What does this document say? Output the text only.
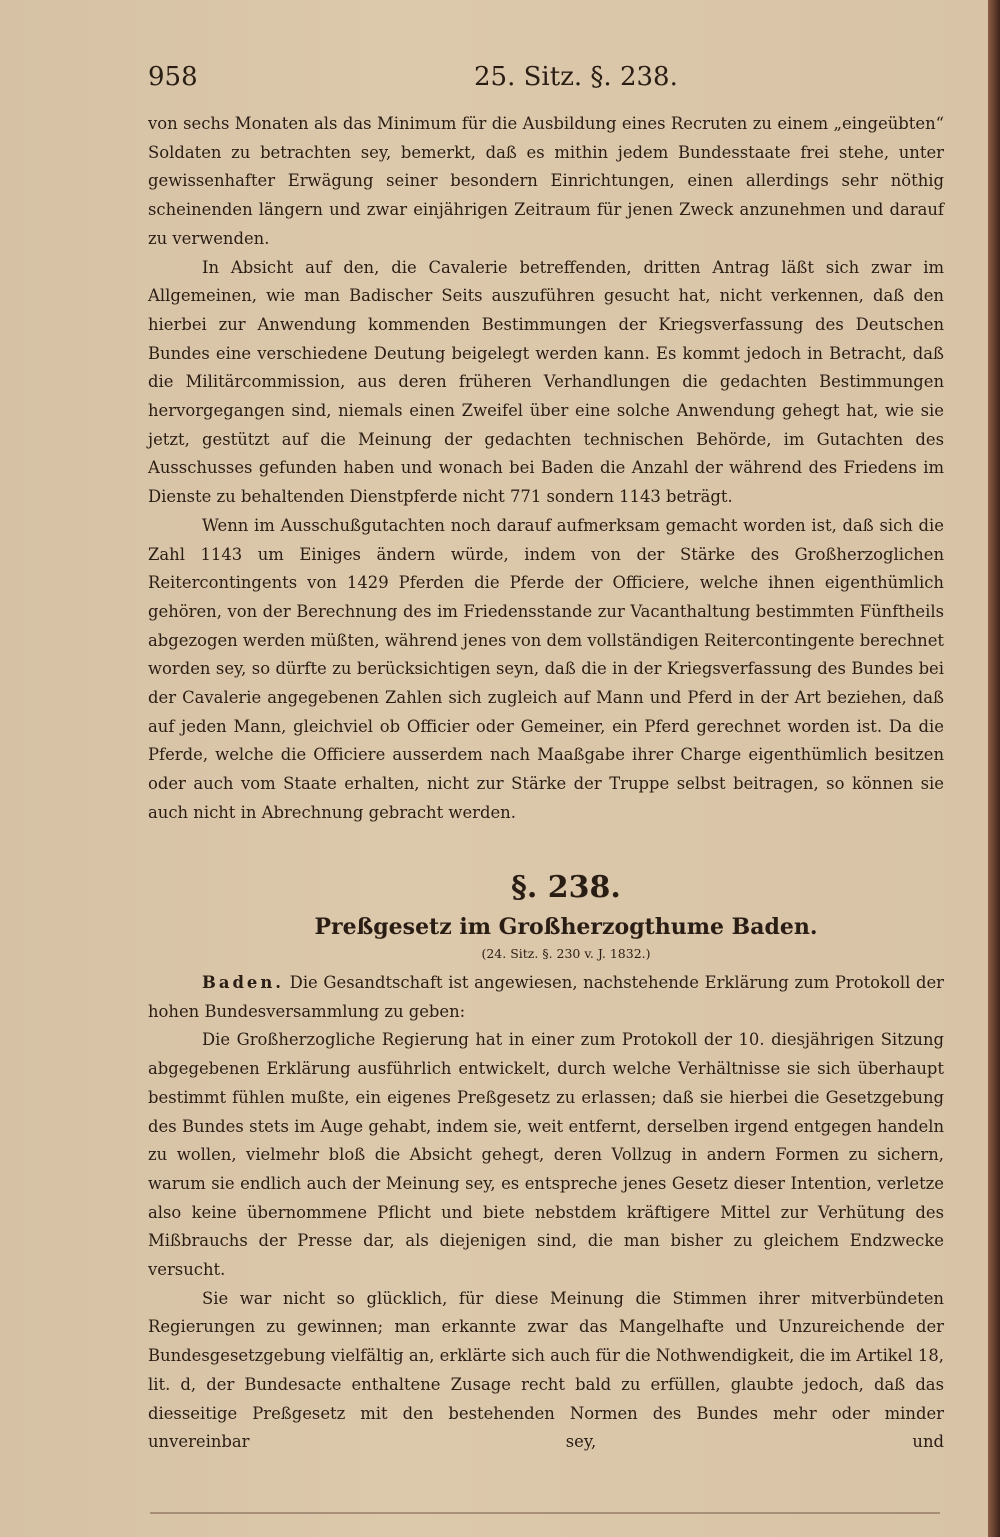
958	25. Sitz. §. 238.

von sechs Monaten als das Minimum für die Ausbildung eines Recruten zu einem „eingeübten“ Soldaten zu betrachten sey, bemerkt, daß es mithin jedem Bundesstaate frei stehe, unter gewissenhafter Erwägung seiner besondern Einrichtungen, einen allerdings sehr nöthig scheinenden längern und zwar einjährigen Zeitraum für jenen Zweck anzunehmen und darauf zu verwenden.

In Absicht auf den, die Cavalerie betreffenden, dritten Antrag läßt sich zwar im Allgemeinen, wie man Badischer Seits auszuführen gesucht hat, nicht verkennen, daß den hierbei zur Anwendung kommenden Bestimmungen der Kriegsverfassung des Deutschen Bundes eine verschiedene Deutung beigelegt werden kann. Es kommt jedoch in Betracht, daß die Militärcommission, aus deren früheren Verhandlungen die gedachten Bestimmungen hervorgegangen sind, niemals einen Zweifel über eine solche Anwendung gehegt hat, wie sie jetzt, gestützt auf die Meinung der gedachten technischen Behörde, im Gutachten des Ausschusses gefunden haben und wonach bei Baden die Anzahl der während des Friedens im Dienste zu behaltenden Dienstpferde nicht 771 sondern 1143 beträgt.

Wenn im Ausschußgutachten noch darauf aufmerksam gemacht worden ist, daß sich die Zahl 1143 um Einiges ändern würde, indem von der Stärke des Großherzoglichen Reitercontingents von 1429 Pferden die Pferde der Officiere, welche ihnen eigenthümlich gehören, von der Berechnung des im Friedensstande zur Vacanthaltung bestimmten Fünftheils abgezogen werden müßten, während jenes von dem vollständigen Reitercontingente berechnet worden sey, so dürfte zu berücksichtigen seyn, daß die in der Kriegsverfassung des Bundes bei der Cavalerie angegebenen Zahlen sich zugleich auf Mann und Pferd in der Art beziehen, daß auf jeden Mann, gleichviel ob Officier oder Gemeiner, ein Pferd gerechnet worden ist. Da die Pferde, welche die Officiere ausserdem nach Maaßgabe ihrer Charge eigenthümlich besitzen oder auch vom Staate erhalten, nicht zur Stärke der Truppe selbst beitragen, so können sie auch nicht in Abrechnung gebracht werden.

§. 238.
Preßgesetz im Großherzogthume Baden.
(24. Sitz. §. 230 v. J. 1832.)

Baden. Die Gesandtschaft ist angewiesen, nachstehende Erklärung zum Protokoll der hohen Bundesversammlung zu geben:

Die Großherzogliche Regierung hat in einer zum Protokoll der 10. diesjährigen Sitzung abgegebenen Erklärung ausführlich entwickelt, durch welche Verhältnisse sie sich überhaupt bestimmt fühlen mußte, ein eigenes Preßgesetz zu erlassen; daß sie hierbei die Gesetzgebung des Bundes stets im Auge gehabt, indem sie, weit entfernt, derselben irgend entgegen handeln zu wollen, vielmehr bloß die Absicht gehegt, deren Vollzug in andern Formen zu sichern, warum sie endlich auch der Meinung sey, es entspreche jenes Gesetz dieser Intention, verletze also keine übernommene Pflicht und biete nebstdem kräftigere Mittel zur Verhütung des Mißbrauchs der Presse dar, als diejenigen sind, die man bisher zu gleichem Endzwecke versucht.

Sie war nicht so glücklich, für diese Meinung die Stimmen ihrer mitverbündeten Regierungen zu gewinnen; man erkannte zwar das Mangelhafte und Unzureichende der Bundesgesetzgebung vielfältig an, erklärte sich auch für die Nothwendigkeit, die im Artikel 18, lit. d, der Bundesacte enthaltene Zusage recht bald zu erfüllen, glaubte jedoch, daß das diesseitige Preßgesetz mit den bestehenden Normen des Bundes mehr oder minder unvereinbar sey, und
